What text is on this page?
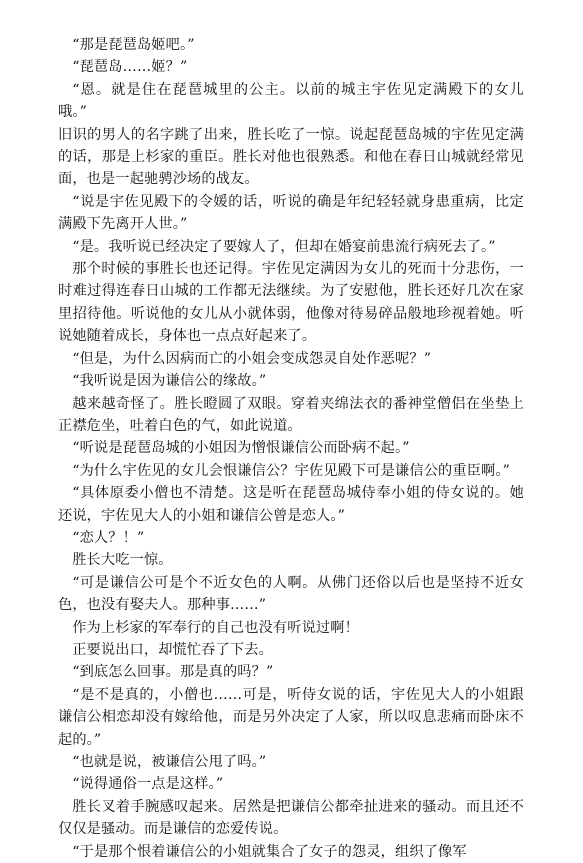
“那是琵琶岛姬吧。”

“琵琶岛……姬？”

“恩。就是住在琵琶城里的公主。以前的城主宇佐见定满殿下的女儿哦。”

旧识的男人的名字跳了出来，胜长吃了一惊。说起琵琶岛城的宇佐见定满的话，那是上杉家的重臣。胜长对他也很熟悉。和他在春日山城就经常见面，也是一起驰骋沙场的战友。

“说是宇佐见殿下的令媛的话，听说的确是年纪轻轻就身患重病，比定满殿下先离开人世。”

“是。我听说已经决定了要嫁人了，但却在婚宴前患流行病死去了。”

那个时候的事胜长也还记得。宇佐见定满因为女儿的死而十分悲伤，一时难过得连春日山城的工作都无法继续。为了安慰他，胜长还好几次在家里招待他。听说他的女儿从小就体弱，他像对待易碎品般地珍视着她。听说她随着成长，身体也一点点好起来了。

“但是，为什么因病而亡的小姐会变成怨灵自处作恶呢？”

“我听说是因为谦信公的缘故。”

越来越奇怪了。胜长瞪圆了双眼。穿着夹绵法衣的番神堂僧侣在坐垫上正襟危坐，吐着白色的气，如此说道。

“听说是琵琶岛城的小姐因为憎恨谦信公而卧病不起。”

“为什么宇佐见的女儿会恨谦信公？宇佐见殿下可是谦信公的重臣啊。”

“具体原委小僧也不清楚。这是听在琵琶岛城侍奉小姐的侍女说的。她还说，宇佐见大人的小姐和谦信公曾是恋人。”

“恋人？！”

胜长大吃一惊。

“可是谦信公可是个不近女色的人啊。从佛门还俗以后也是坚持不近女色，也没有娶夫人。那种事……”

作为上杉家的军奉行的自己也没有听说过啊！

正要说出口，却慌忙吞了下去。

“到底怎么回事。那是真的吗？”

“是不是真的，小僧也……可是，听侍女说的话，宇佐见大人的小姐跟谦信公相恋却没有嫁给他，而是另外决定了人家，所以叹息悲痛而卧床不起的。”

“也就是说，被谦信公甩了吗。”

“说得通俗一点是这样。”

胜长叉着手腕感叹起来。居然是把谦信公都牵扯进来的骚动。而且还不仅仅是骚动。而是谦信的恋爱传说。

“于是那个恨着谦信公的小姐就集合了女子的怨灵，组织了像军
